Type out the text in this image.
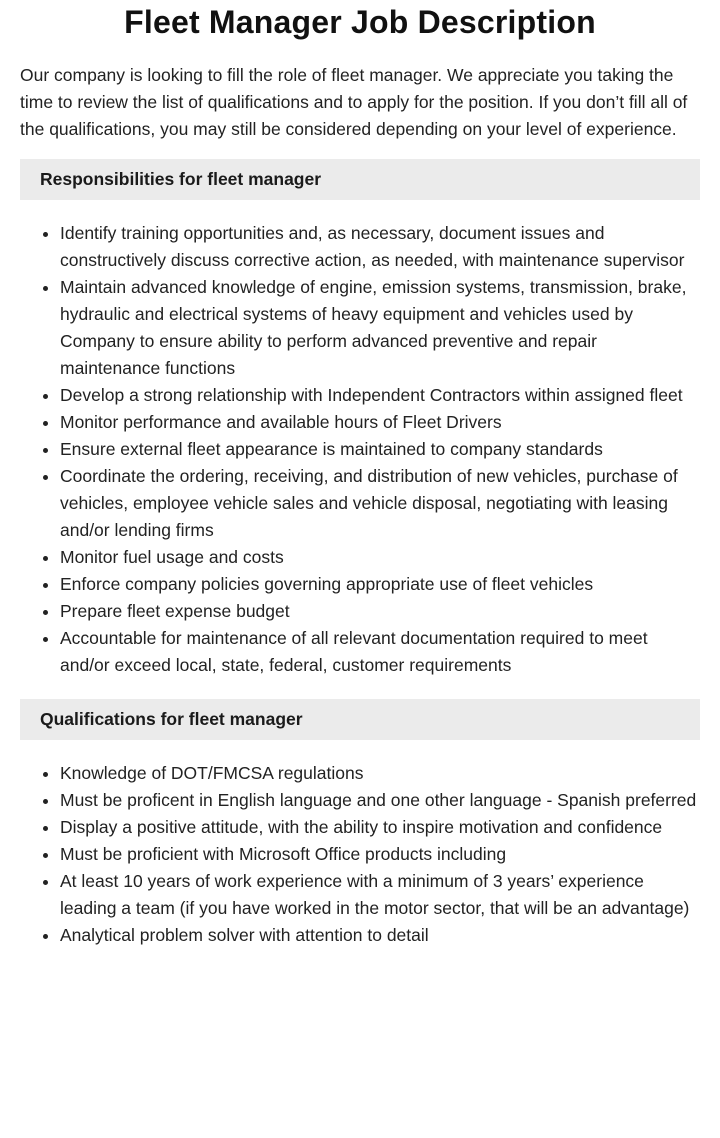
Fleet Manager Job Description

Our company is looking to fill the role of fleet manager. We appreciate you taking the time to review the list of qualifications and to apply for the position. If you don’t fill all of the qualifications, you may still be considered depending on your level of experience.

Responsibilities for fleet manager
• Identify training opportunities and, as necessary, document issues and constructively discuss corrective action, as needed, with maintenance supervisor
• Maintain advanced knowledge of engine, emission systems, transmission, brake, hydraulic and electrical systems of heavy equipment and vehicles used by Company to ensure ability to perform advanced preventive and repair maintenance functions
• Develop a strong relationship with Independent Contractors within assigned fleet
• Monitor performance and available hours of Fleet Drivers
• Ensure external fleet appearance is maintained to company standards
• Coordinate the ordering, receiving, and distribution of new vehicles, purchase of vehicles, employee vehicle sales and vehicle disposal, negotiating with leasing and/or lending firms
• Monitor fuel usage and costs
• Enforce company policies governing appropriate use of fleet vehicles
• Prepare fleet expense budget
• Accountable for maintenance of all relevant documentation required to meet and/or exceed local, state, federal, customer requirements
Qualifications for fleet manager
• Knowledge of DOT/FMCSA regulations
• Must be proficent in English language and one other language - Spanish preferred
• Display a positive attitude, with the ability to inspire motivation and confidence
• Must be proficient with Microsoft Office products including
• At least 10 years of work experience with a minimum of 3 years’ experience leading a team (if you have worked in the motor sector, that will be an advantage)
• Analytical problem solver with attention to detail
